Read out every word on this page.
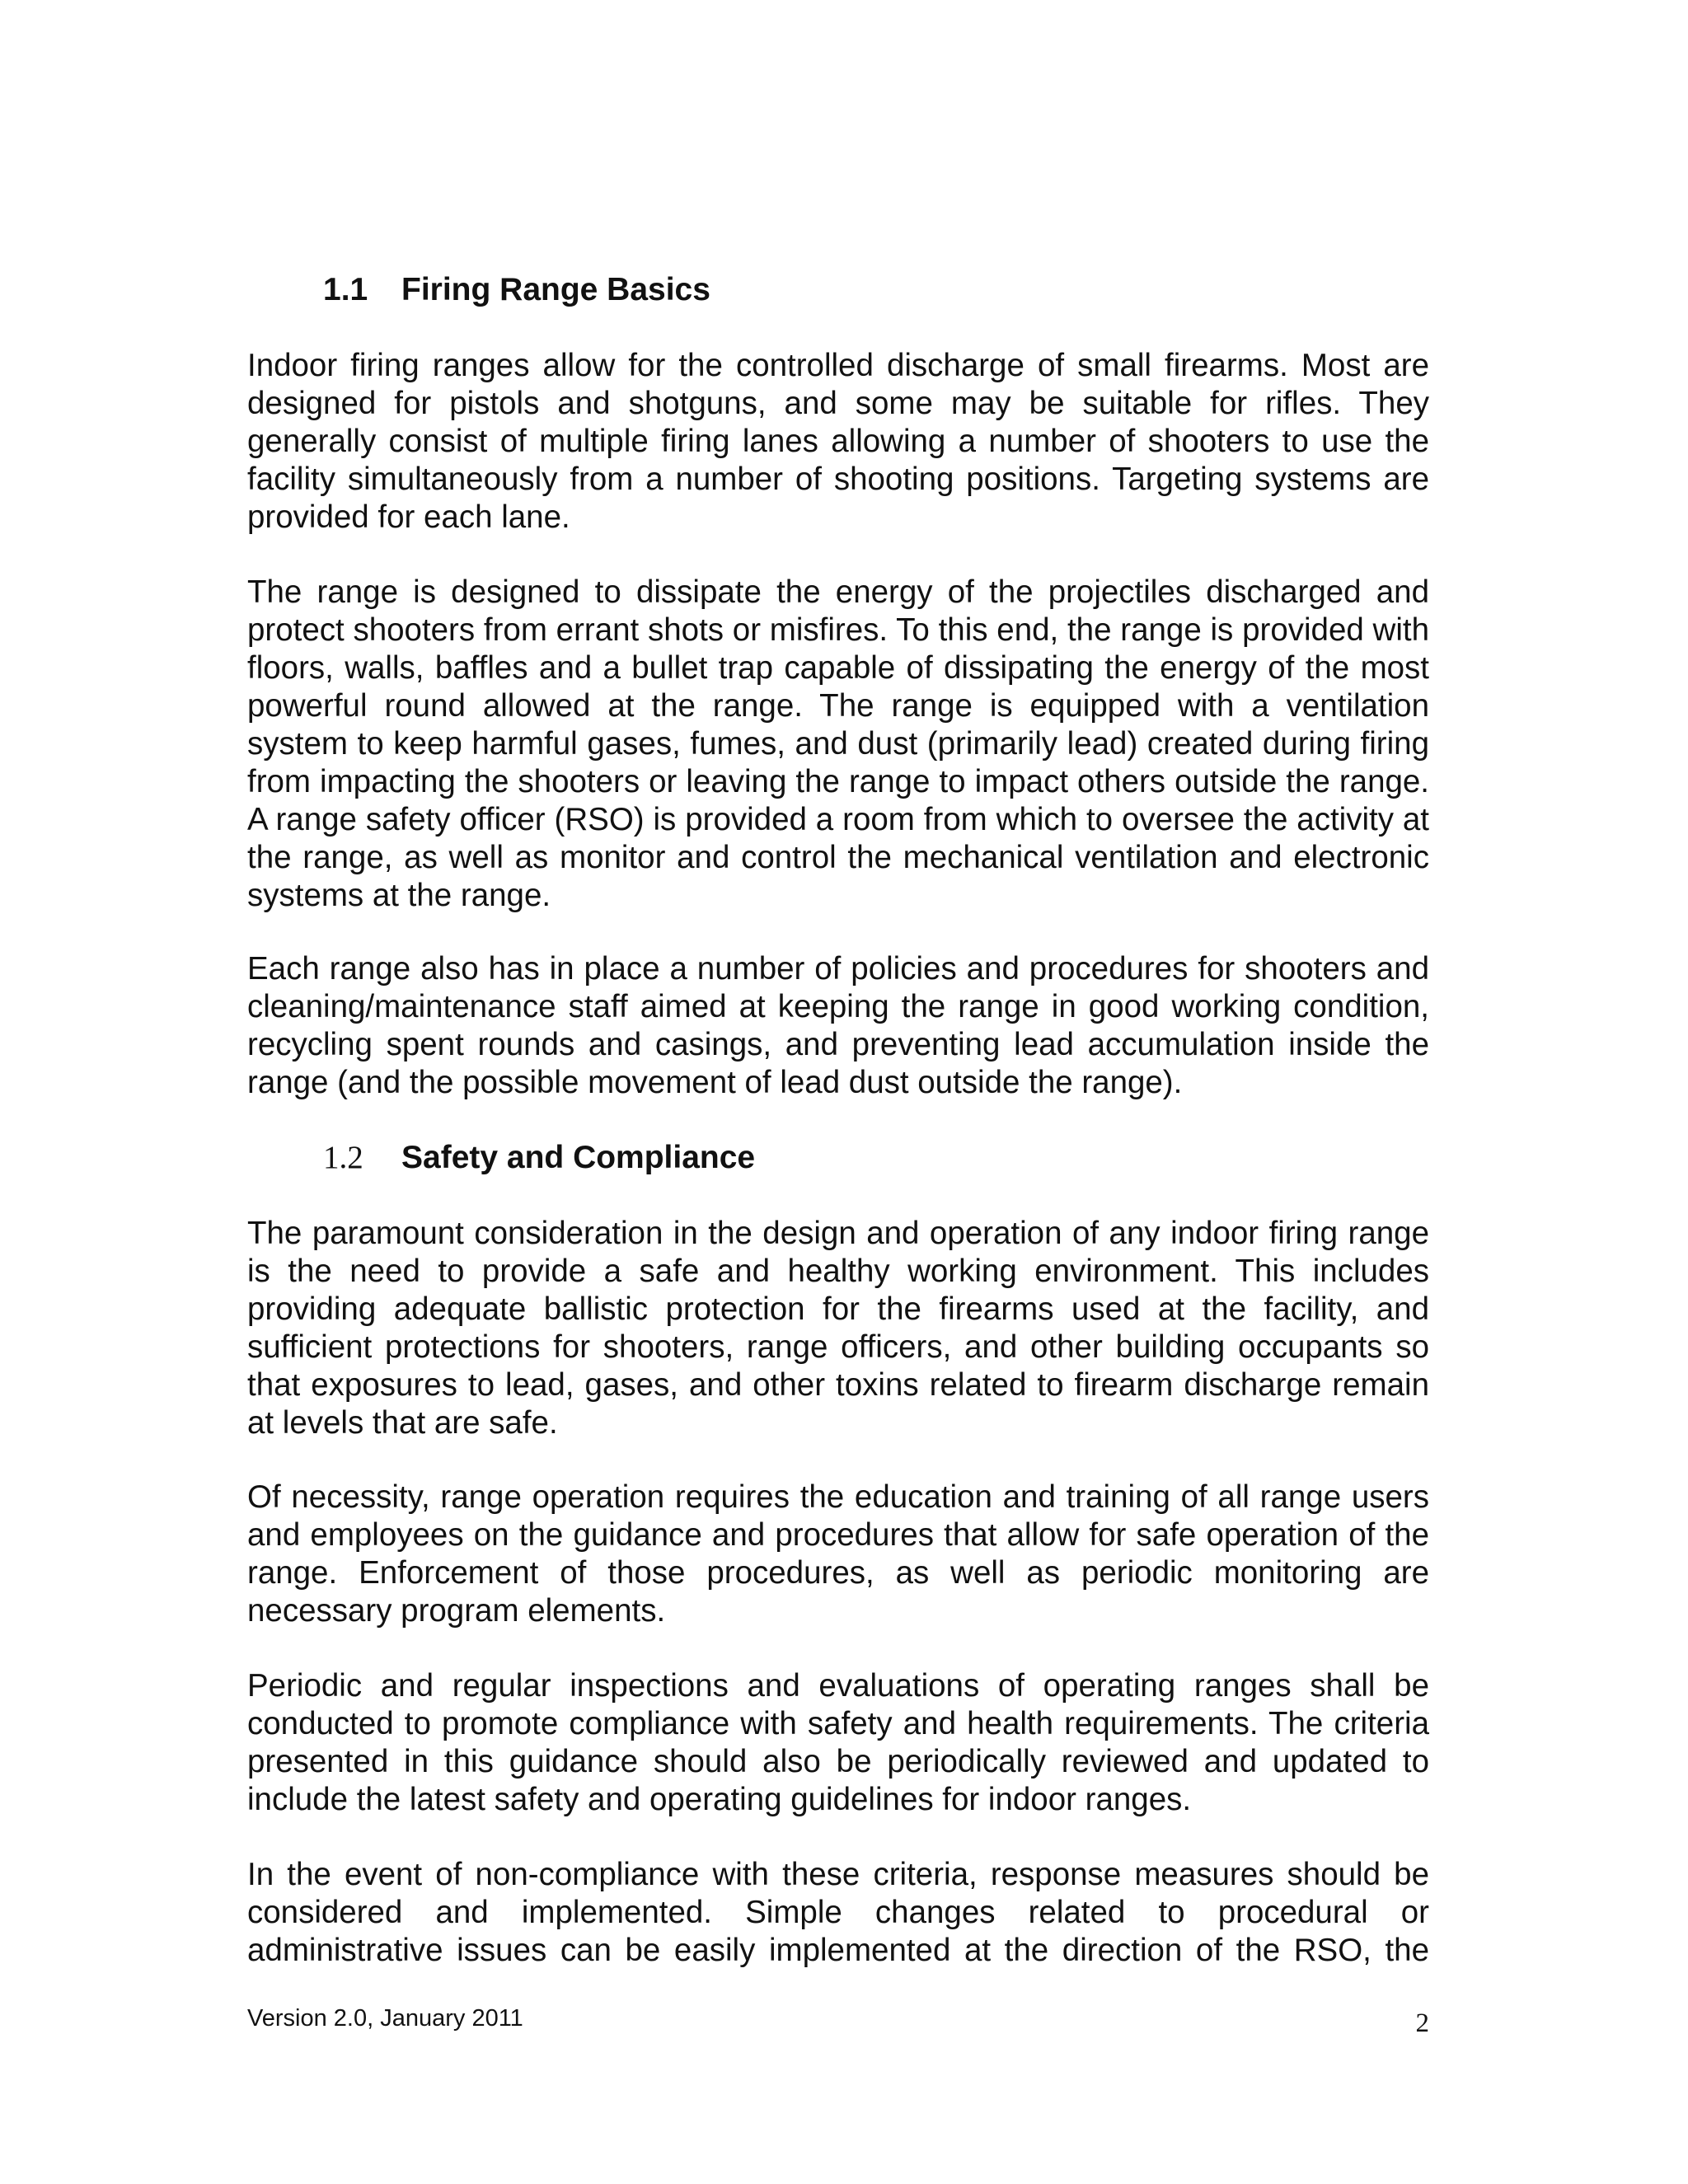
1.1 Firing Range Basics

Indoor firing ranges allow for the controlled discharge of small firearms. Most are designed for pistols and shotguns, and some may be suitable for rifles. They generally consist of multiple firing lanes allowing a number of shooters to use the facility simultaneously from a number of shooting positions. Targeting systems are provided for each lane.

The range is designed to dissipate the energy of the projectiles discharged and protect shooters from errant shots or misfires. To this end, the range is provided with floors, walls, baffles and a bullet trap capable of dissipating the energy of the most powerful round allowed at the range. The range is equipped with a ventilation system to keep harmful gases, fumes, and dust (primarily lead) created during firing from impacting the shooters or leaving the range to impact others outside the range. A range safety officer (RSO) is provided a room from which to oversee the activity at the range, as well as monitor and control the mechanical ventilation and electronic systems at the range.

Each range also has in place a number of policies and procedures for shooters and cleaning/maintenance staff aimed at keeping the range in good working condition, recycling spent rounds and casings, and preventing lead accumulation inside the range (and the possible movement of lead dust outside the range).

1.2 Safety and Compliance

The paramount consideration in the design and operation of any indoor firing range is the need to provide a safe and healthy working environment. This includes providing adequate ballistic protection for the firearms used at the facility, and sufficient protections for shooters, range officers, and other building occupants so that exposures to lead, gases, and other toxins related to firearm discharge remain at levels that are safe.

Of necessity, range operation requires the education and training of all range users and employees on the guidance and procedures that allow for safe operation of the range. Enforcement of those procedures, as well as periodic monitoring are necessary program elements.

Periodic and regular inspections and evaluations of operating ranges shall be conducted to promote compliance with safety and health requirements. The criteria presented in this guidance should also be periodically reviewed and updated to include the latest safety and operating guidelines for indoor ranges.

In the event of non-compliance with these criteria, response measures should be considered and implemented. Simple changes related to procedural or administrative issues can be easily implemented at the direction of the RSO, the

Version 2.0, January 2011	2
